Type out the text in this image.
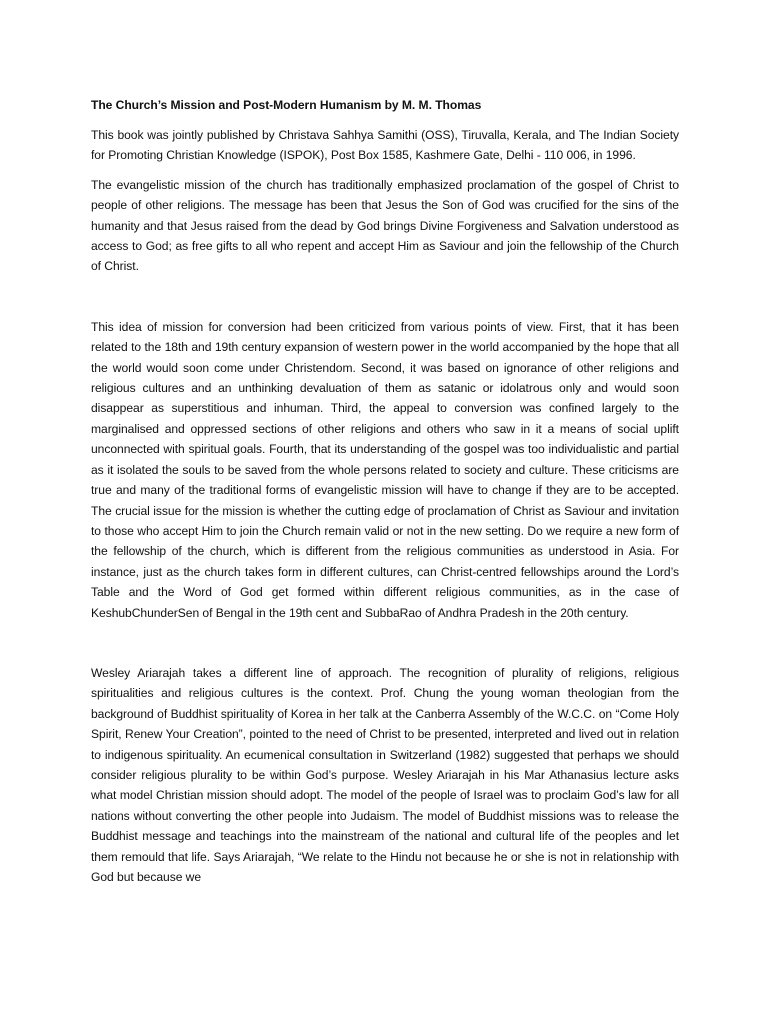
The Church’s Mission and Post-Modern Humanism by M. M. Thomas

This book was jointly published by Christava Sahhya Samithi (OSS), Tiruvalla, Kerala, and The Indian Society for Promoting Christian Knowledge (ISPOK), Post Box 1585, Kashmere Gate, Delhi - 110 006, in 1996.

The evangelistic mission of the church has traditionally emphasized proclamation of the gospel of Christ to people of other religions. The message has been that Jesus the Son of God was crucified for the sins of the humanity and that Jesus raised from the dead by God brings Divine Forgiveness and Salvation understood as access to God; as free gifts to all who repent and accept Him as Saviour and join the fellowship of the Church of Christ.

This idea of mission for conversion had been criticized from various points of view. First, that it has been related to the 18th and 19th century expansion of western power in the world accompanied by the hope that all the world would soon come under Christendom. Second, it was based on ignorance of other religions and religious cultures and an unthinking devaluation of them as satanic or idolatrous only and would soon disappear as superstitious and inhuman. Third, the appeal to conversion was confined largely to the marginalised and oppressed sections of other religions and others who saw in it a means of social uplift unconnected with spiritual goals. Fourth, that its understanding of the gospel was too individualistic and partial as it isolated the souls to be saved from the whole persons related to society and culture. These criticisms are true and many of the traditional forms of evangelistic mission will have to change if they are to be accepted. The crucial issue for the mission is whether the cutting edge of proclamation of Christ as Saviour and invitation to those who accept Him to join the Church remain valid or not in the new setting. Do we require a new form of the fellowship of the church, which is different from the religious communities as understood in Asia. For instance, just as the church takes form in different cultures, can Christ-centred fellowships around the Lord’s Table and the Word of God get formed within different religious communities, as in the case of KeshubChunderSen of Bengal in the 19th cent and SubbaRao of Andhra Pradesh in the 20th century.

Wesley Ariarajah takes a different line of approach. The recognition of plurality of religions, religious spiritualities and religious cultures is the context. Prof. Chung the young woman theologian from the background of Buddhist spirituality of Korea in her talk at the Canberra Assembly of the W.C.C. on “Come Holy Spirit, Renew Your Creation”, pointed to the need of Christ to be presented, interpreted and lived out in relation to indigenous spirituality. An ecumenical consultation in Switzerland (1982) suggested that perhaps we should consider religious plurality to be within God’s purpose. Wesley Ariarajah in his Mar Athanasius lecture asks what model Christian mission should adopt. The model of the people of Israel was to proclaim God’s law for all nations without converting the other people into Judaism. The model of Buddhist missions was to release the Buddhist message and teachings into the mainstream of the national and cultural life of the peoples and let them remould that life. Says Ariarajah, “We relate to the Hindu not because he or she is not in relationship with God but because we
